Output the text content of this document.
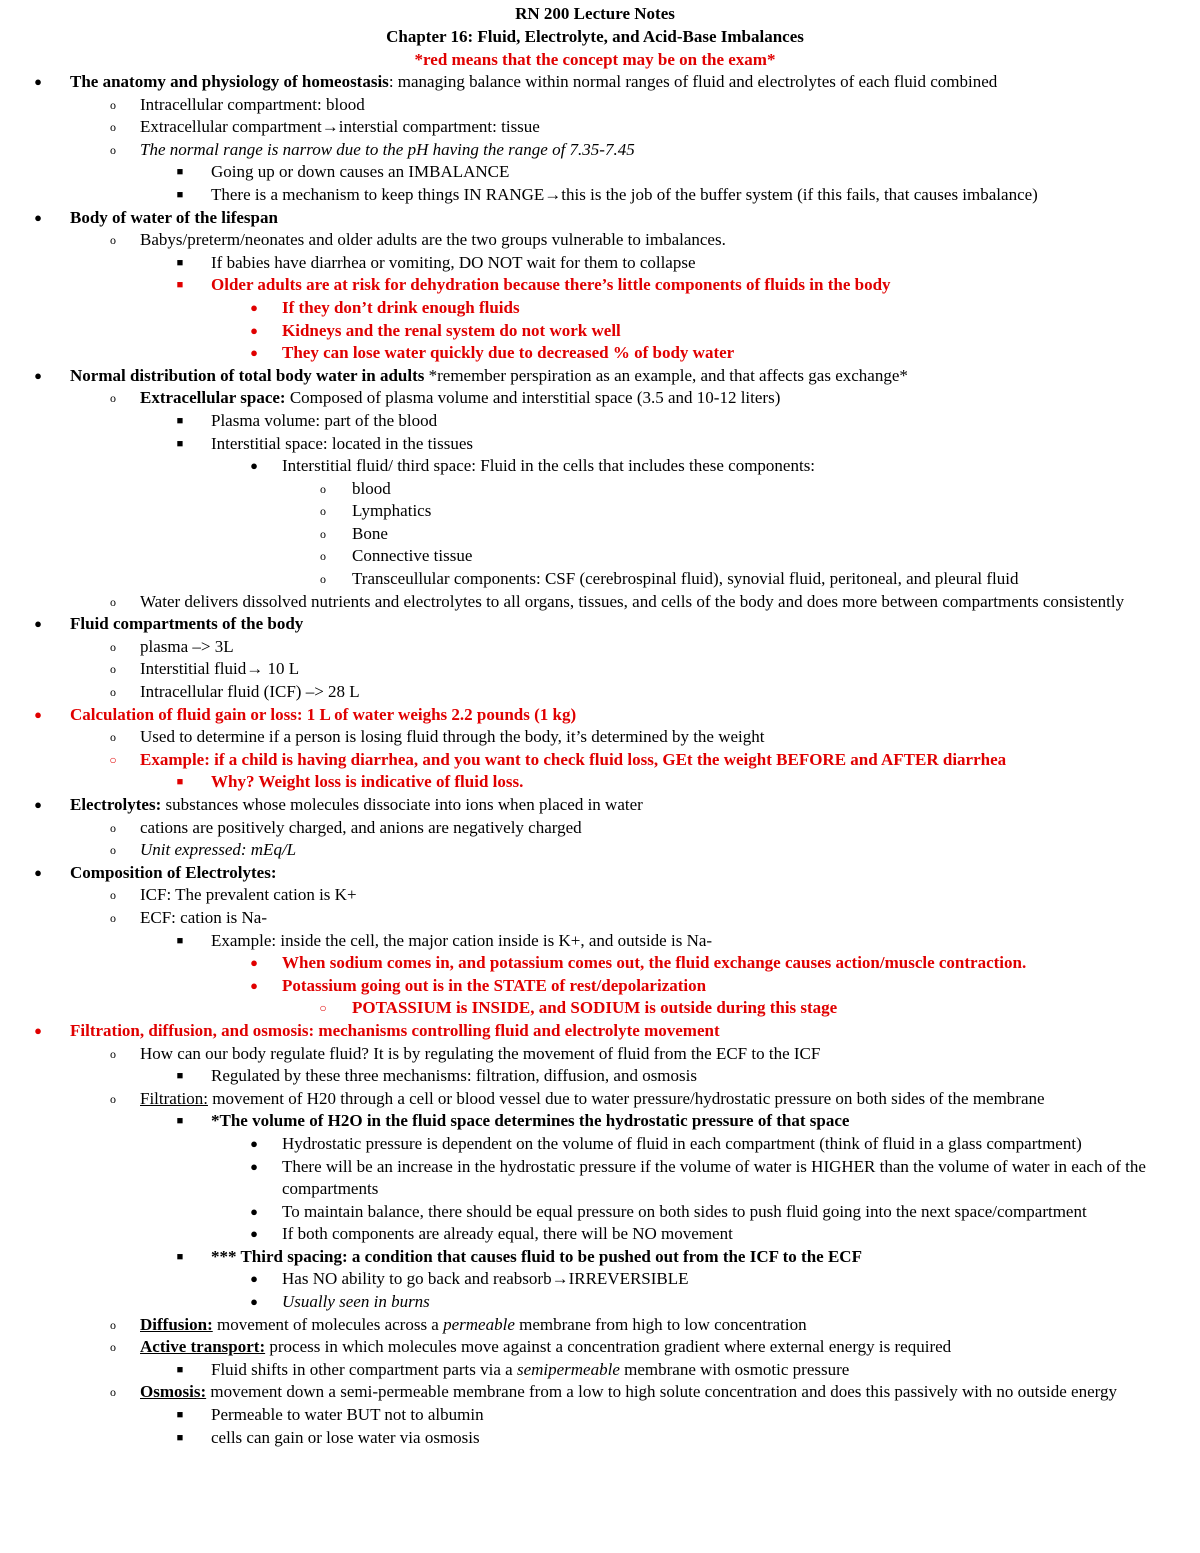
RN 200 Lecture Notes
Chapter 16: Fluid, Electrolyte, and Acid-Base Imbalances
*red means that the concept may be on the exam*
●	The anatomy and physiology of homeostasis: managing balance within normal ranges of fluid and electrolytes of each fluid combined
o	Intracellular compartment: blood
o	Extracellular compartment→interstial compartment: tissue
o	The normal range is narrow due to the pH having the range of 7.35-7.45
■	Going up or down causes an IMBALANCE
■	There is a mechanism to keep things IN RANGE→this is the job of the buffer system (if this fails, that causes imbalance)
●	Body of water of the lifespan
o	Babys/preterm/neonates and older adults are the two groups vulnerable to imbalances.
■	If babies have diarrhea or vomiting, DO NOT wait for them to collapse
■	Older adults are at risk for dehydration because there’s little components of fluids in the body
●	If they don’t drink enough fluids
●	Kidneys and the renal system do not work well
●	They can lose water quickly due to decreased % of body water
●	Normal distribution of total body water in adults *remember perspiration as an example, and that affects gas exchange*
o	Extracellular space: Composed of plasma volume and interstitial space (3.5 and 10-12 liters)
■	Plasma volume: part of the blood
■	Interstitial space: located in the tissues
●	Interstitial fluid/ third space: Fluid in the cells that includes these components:
o	blood
o	Lymphatics
o	Bone
o	Connective tissue
o	Transceullular components: CSF (cerebrospinal fluid), synovial fluid, peritoneal, and pleural fluid
o	Water delivers dissolved nutrients and electrolytes to all organs, tissues, and cells of the body and does more between compartments consistently
●	Fluid compartments of the body
o	plasma –> 3L
o	Interstitial fluid→ 10 L
o	Intracellular fluid (ICF) –> 28 L
●	Calculation of fluid gain or loss: 1 L of water weighs 2.2 pounds (1 kg)
o	Used to determine if a person is losing fluid through the body, it’s determined by the weight
○	Example: if a child is having diarrhea, and you want to check fluid loss, GEt the weight BEFORE and AFTER diarrhea
■	Why? Weight loss is indicative of fluid loss.
●	Electrolytes: substances whose molecules dissociate into ions when placed in water
o	cations are positively charged, and anions are negatively charged
o	Unit expressed: mEq/L
●	Composition of Electrolytes:
o	ICF: The prevalent cation is K+
o	ECF: cation is Na-
■	Example: inside the cell, the major cation inside is K+, and outside is Na-
●	When sodium comes in, and potassium comes out, the fluid exchange causes action/muscle contraction.
●	Potassium going out is in the STATE of rest/depolarization
○	POTASSIUM is INSIDE, and SODIUM is outside during this stage
●	Filtration, diffusion, and osmosis: mechanisms controlling fluid and electrolyte movement
o	How can our body regulate fluid? It is by regulating the movement of fluid from the ECF to the ICF
■	Regulated by these three mechanisms: filtration, diffusion, and osmosis
o	Filtration: movement of H20 through a cell or blood vessel due to water pressure/hydrostatic pressure on both sides of the membrane
■	*The volume of H2O in the fluid space determines the hydrostatic pressure of that space
●	Hydrostatic pressure is dependent on the volume of fluid in each compartment (think of fluid in a glass compartment)
●	There will be an increase in the hydrostatic pressure if the volume of water is HIGHER than the volume of water in each of the compartments
●	To maintain balance, there should be equal pressure on both sides to push fluid going into the next space/compartment
●	If both components are already equal, there will be NO movement
■	*** Third spacing: a condition that causes fluid to be pushed out from the ICF to the ECF
●	Has NO ability to go back and reabsorb→IRREVERSIBLE
●	Usually seen in burns
o	Diffusion: movement of molecules across a permeable membrane from high to low concentration
o	Active transport: process in which molecules move against a concentration gradient where external energy is required
■	Fluid shifts in other compartment parts via a semipermeable membrane with osmotic pressure
o	Osmosis: movement down a semi-permeable membrane from a low to high solute concentration and does this passively with no outside energy
■	Permeable to water BUT not to albumin
■	cells can gain or lose water via osmosis
